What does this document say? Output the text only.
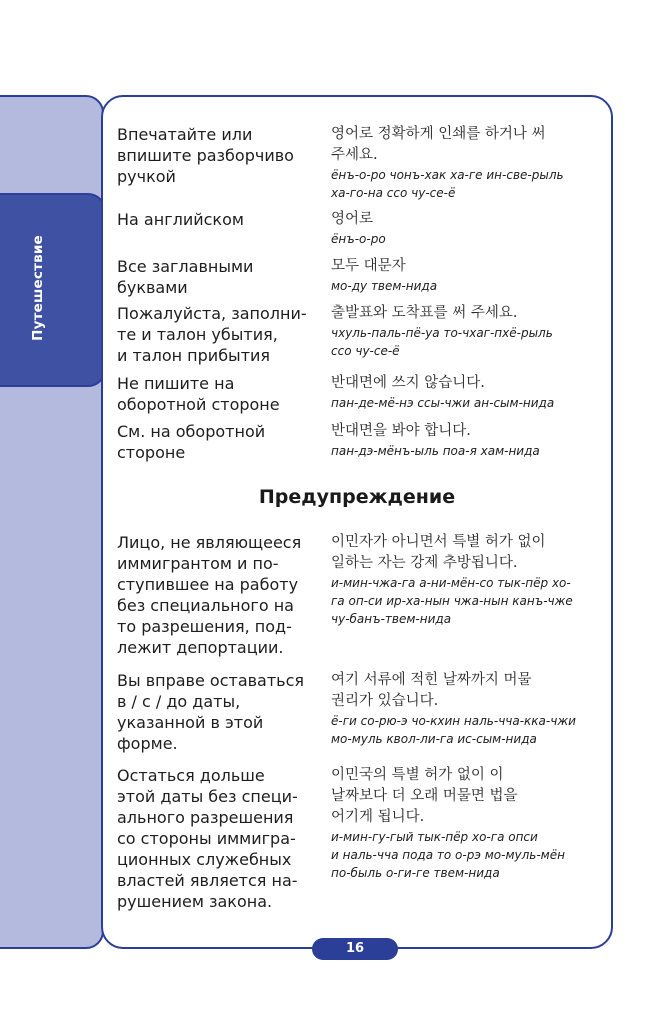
Путешествие
Впечатайте или
впишите разборчиво
ручкой
영어로 정확하게 인쇄를 하거나 써
주세요.
ёнъ-о-ро чонъ-хак ха-ге ин-све-рыль
ха-го-на ссо чу-се-ё
На английском	영어로
ёнъ-о-ро
Все заглавными
буквами
모두 대문자
мо-ду твем-нида
Пожалуйста, заполни-
те и талон убытия,
и талон прибытия
출발표와 도착표를 써 주세요.
чхуль-паль-пё-уа то-чхаг-пхё-рыль
ссо чу-се-ё
Не пишите на
оборотной стороне
반대면에 쓰지 않습니다.
пан-де-мё-нэ ссы-чжи ан-сым-нида
См. на оборотной
стороне
반대면을 봐야 합니다.
пан-дэ-мёнъ-ыль поа-я хам-нида
Предупреждение
Лицо, не являющееся
иммигрантом и по-
ступившее на работу
без специального на
то разрешения, под-
лежит депортации.
이민자가 아니면서 특별 허가 없이
일하는 자는 강제 추방됩니다.
и-мин-чжа-га а-ни-мён-со тык-пёр хо-
га оп-си ир-ха-нын чжа-нын канъ-чже
чу-банъ-твем-нида
Вы вправе оставаться
в / с / до даты,
указанной в этой
форме.
여기 서류에 적힌 날짜까지 머물
권리가 있습니다.
ё-ги со-рю-э чо-кхин наль-чча-кка-чжи
мо-муль квол-ли-га ис-сым-нида
Остаться дольше
этой даты без специ-
ального разрешения
со стороны иммигра-
ционных служебных
властей является на-
рушением закона.
이민국의 특별 허가 없이 이
날짜보다 더 오래 머물면 법을
어기게 됩니다.
и-мин-гу-гый тык-пёр хо-га опси
и наль-чча пода то о-рэ мо-муль-мён
по-быль о-ги-ге твем-нида
16
